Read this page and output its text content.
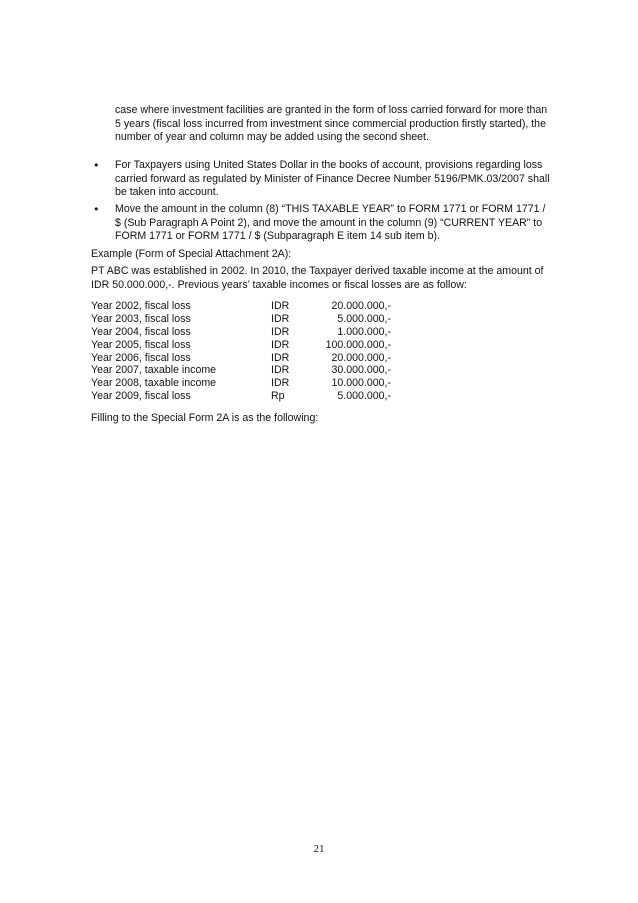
case where investment facilities are granted in the form of loss carried forward for more than
5 years (fiscal loss incurred from investment since commercial production firstly started), the
number of year and column may be added using the second sheet.

• For Taxpayers using United States Dollar in the books of account, provisions regarding loss
carried forward as regulated by Minister of Finance Decree Number 5196/PMK.03/2007 shall
be taken into account.

• Move the amount in the column (8) “THIS TAXABLE YEAR” to FORM 1771 or FORM 1771 /
$ (Sub Paragraph A Point 2), and move the amount in the column (9) “CURRENT YEAR” to
FORM 1771 or FORM 1771 / $ (Subparagraph E item 14 sub item b).

Example (Form of Special Attachment 2A):

PT ABC was established in 2002. In 2010, the Taxpayer derived taxable income at the amount of
IDR 50.000.000,-. Previous years’ taxable incomes or fiscal losses are as follow:

Year 2002, fiscal loss	IDR	20.000.000,-
Year 2003, fiscal loss	IDR	5.000.000,-
Year 2004, fiscal loss	IDR	1.000.000,-
Year 2005, fiscal loss	IDR	100.000.000,-
Year 2006, fiscal loss	IDR	20.000.000,-
Year 2007, taxable income	IDR	30.000.000,-
Year 2008, taxable income	IDR	10.000.000,-
Year 2009, fiscal loss	Rp	5.000.000,-

Filling to the Special Form 2A is as the following:

21
